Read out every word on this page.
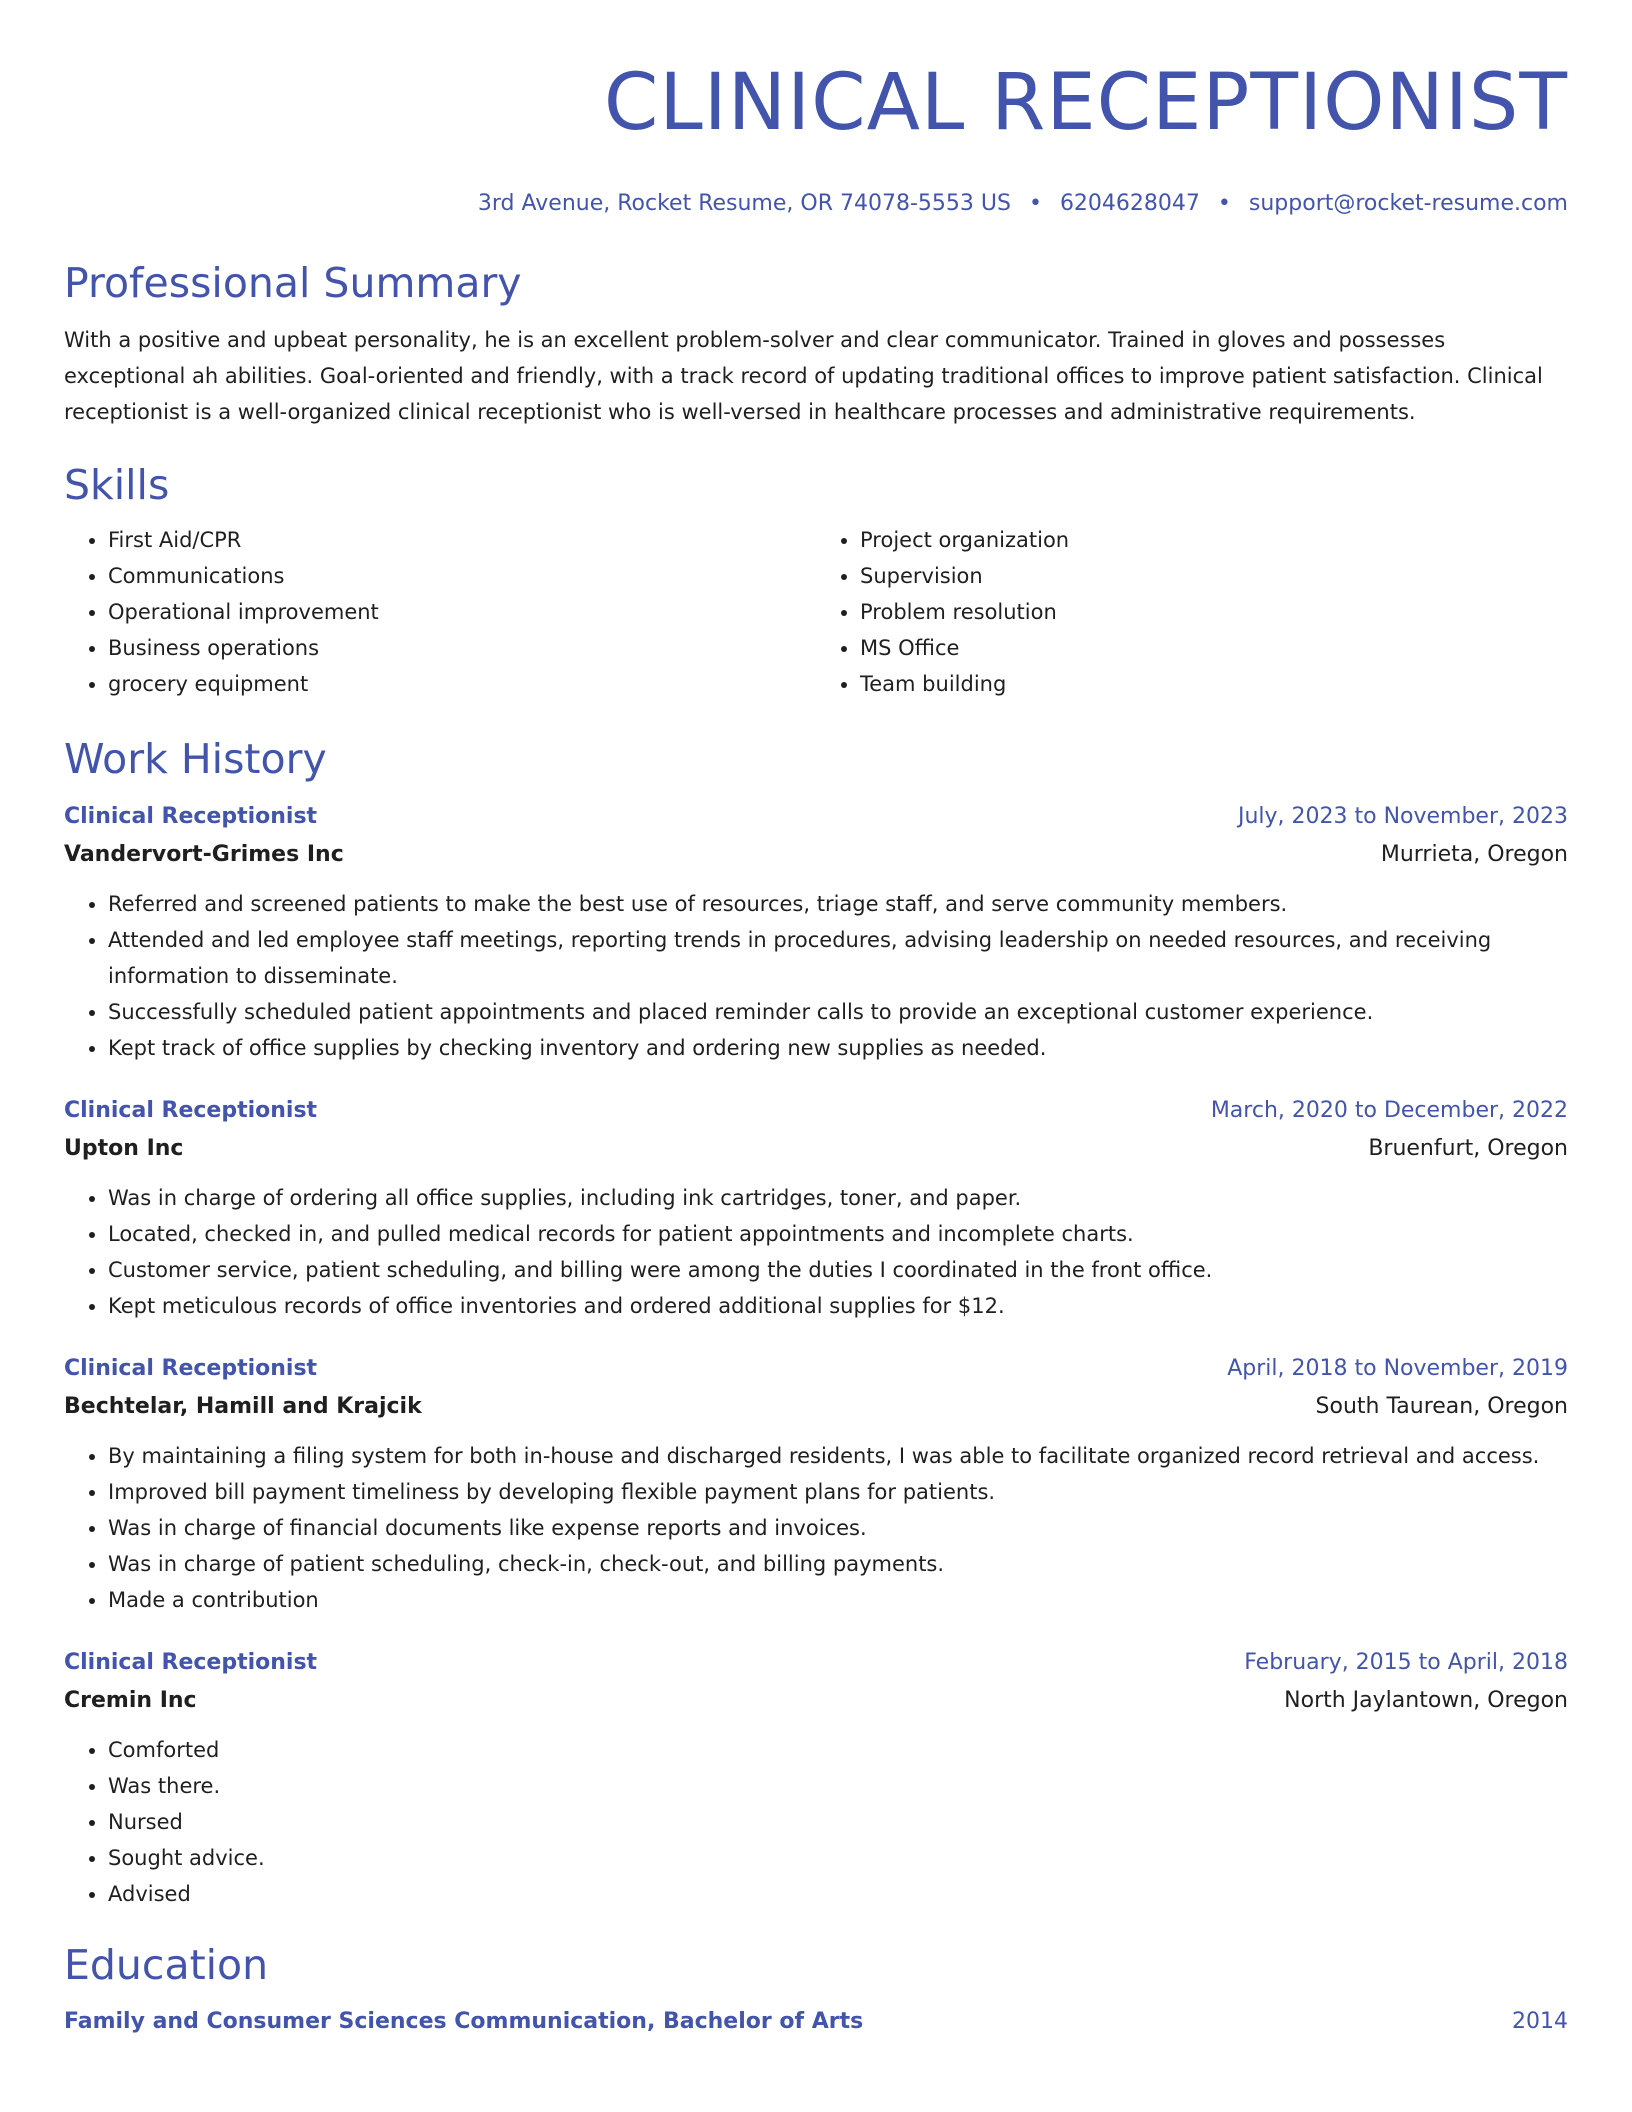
CLINICAL RECEPTIONIST
3rd Avenue, Rocket Resume, OR 74078-5553 US • 6204628047 • support@rocket-resume.com
Professional Summary

With a positive and upbeat personality, he is an excellent problem-solver and clear communicator. Trained in gloves and possesses exceptional ah abilities. Goal-oriented and friendly, with a track record of updating traditional offices to improve patient satisfaction. Clinical receptionist is a well-organized clinical receptionist who is well-versed in healthcare processes and administrative requirements.

Skills
• First Aid/CPR
• Communications
• Operational improvement
• Business operations
• grocery equipment
• Project organization
• Supervision
• Problem resolution
• MS Office
• Team building
Work History
Clinical Receptionist	July, 2023 to November, 2023
Vandervort-Grimes Inc	Murrieta, Oregon
• Referred and screened patients to make the best use of resources, triage staff, and serve community members.
• Attended and led employee staff meetings, reporting trends in procedures, advising leadership on needed resources, and receiving information to disseminate.
• Successfully scheduled patient appointments and placed reminder calls to provide an exceptional customer experience.
• Kept track of office supplies by checking inventory and ordering new supplies as needed.
Clinical Receptionist	March, 2020 to December, 2022
Upton Inc	Bruenfurt, Oregon
• Was in charge of ordering all office supplies, including ink cartridges, toner, and paper.
• Located, checked in, and pulled medical records for patient appointments and incomplete charts.
• Customer service, patient scheduling, and billing were among the duties I coordinated in the front office.
• Kept meticulous records of office inventories and ordered additional supplies for $12.
Clinical Receptionist	April, 2018 to November, 2019
Bechtelar, Hamill and Krajcik	South Taurean, Oregon
• By maintaining a filing system for both in-house and discharged residents, I was able to facilitate organized record retrieval and access.
• Improved bill payment timeliness by developing flexible payment plans for patients.
• Was in charge of financial documents like expense reports and invoices.
• Was in charge of patient scheduling, check-in, check-out, and billing payments.
• Made a contribution
Clinical Receptionist	February, 2015 to April, 2018
Cremin Inc	North Jaylantown, Oregon
• Comforted
• Was there.
• Nursed
• Sought advice.
• Advised
Education
Family and Consumer Sciences Communication, Bachelor of Arts	2014
